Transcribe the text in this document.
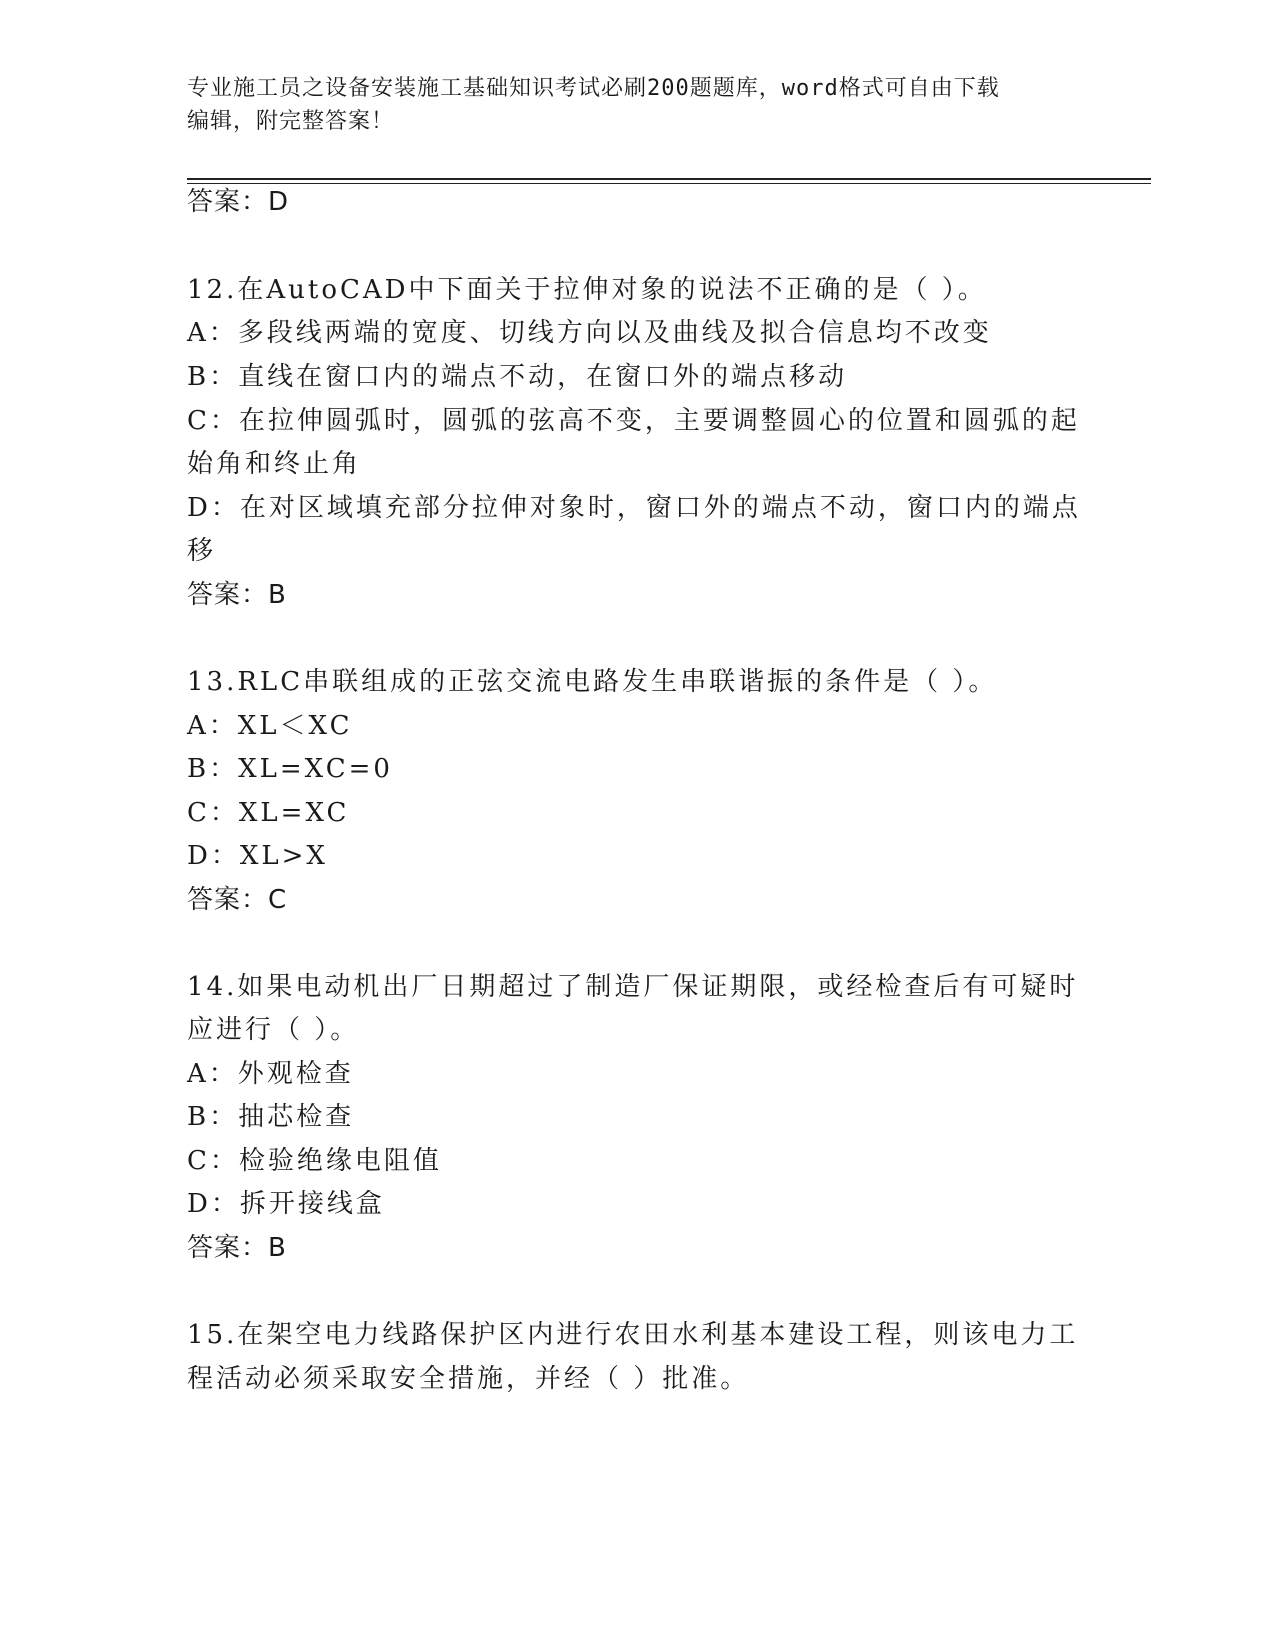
专业施工员之设备安装施工基础知识考试必刷200题题库，word格式可自由下载
编辑，附完整答案！
答案：D
12.在AutoCAD中下面关于拉伸对象的说法不正确的是（ ）。
A：多段线两端的宽度、切线方向以及曲线及拟合信息均不改变
B：直线在窗口内的端点不动，在窗口外的端点移动
C：在拉伸圆弧时，圆弧的弦高不变，主要调整圆心的位置和圆弧的起
始角和终止角
D：在对区域填充部分拉伸对象时，窗口外的端点不动，窗口内的端点
移
答案：B
13.RLC串联组成的正弦交流电路发生串联谐振的条件是（ ）。
A：XL＜XC
B：XL=XC=0
C：XL=XC
D：XL>X
答案：C
14.如果电动机出厂日期超过了制造厂保证期限，或经检查后有可疑时
应进行（ ）。
A：外观检查
B：抽芯检查
C：检验绝缘电阻值
D：拆开接线盒
答案：B
15.在架空电力线路保护区内进行农田水利基本建设工程，则该电力工
程活动必须采取安全措施，并经（ ）批准。
